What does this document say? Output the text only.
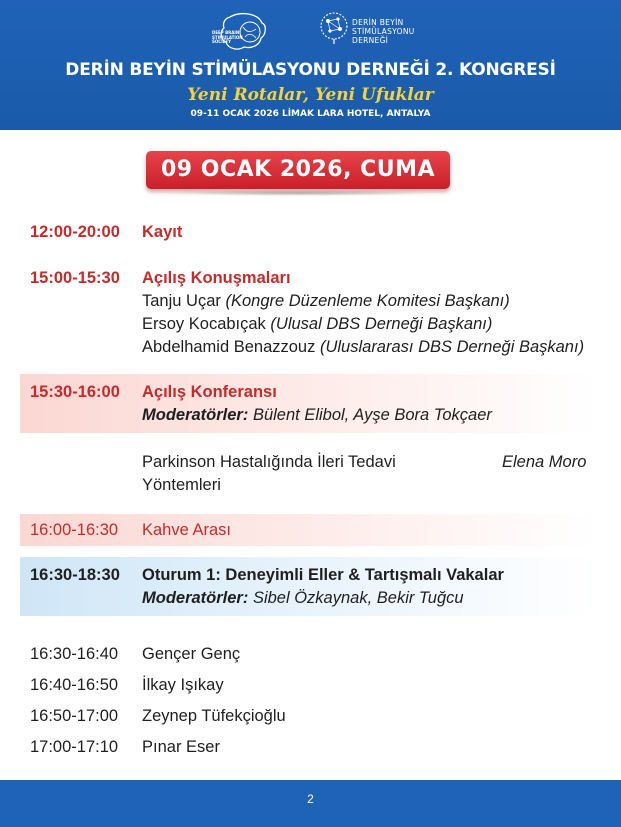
DEEP BRAIN
STIMULATION
SOCIETY
DERİN BEYİN
STİMÜLASYONU
DERNEĞİ
DERİN BEYİN STİMÜLASYONU DERNEĞİ 2. KONGRESİ
Yeni Rotalar, Yeni Ufuklar
09-11 OCAK 2026 LİMAK LARA HOTEL, ANTALYA
09 OCAK 2026, CUMA
12:00-20:00 Kayıt
15:00-15:30 Açılış Konuşmaları
Tanju Uçar (Kongre Düzenleme Komitesi Başkanı)
Ersoy Kocabıçak (Ulusal DBS Derneği Başkanı)
Abdelhamid Benazzouz (Uluslararası DBS Derneği Başkanı)
15:30-16:00 Açılış Konferansı
Moderatörler: Bülent Elibol, Ayşe Bora Tokçaer
Parkinson Hastalığında İleri Tedavi
Yöntemleri
Elena Moro
16:00-16:30 Kahve Arası
16:30-18:30 Oturum 1: Deneyimli Eller & Tartışmalı Vakalar
Moderatörler: Sibel Özkaynak, Bekir Tuğcu
16:30-16:40 Gençer Genç
16:40-16:50 İlkay Işıkay
16:50-17:00 Zeynep Tüfekçioğlu
17:00-17:10 Pınar Eser
2
